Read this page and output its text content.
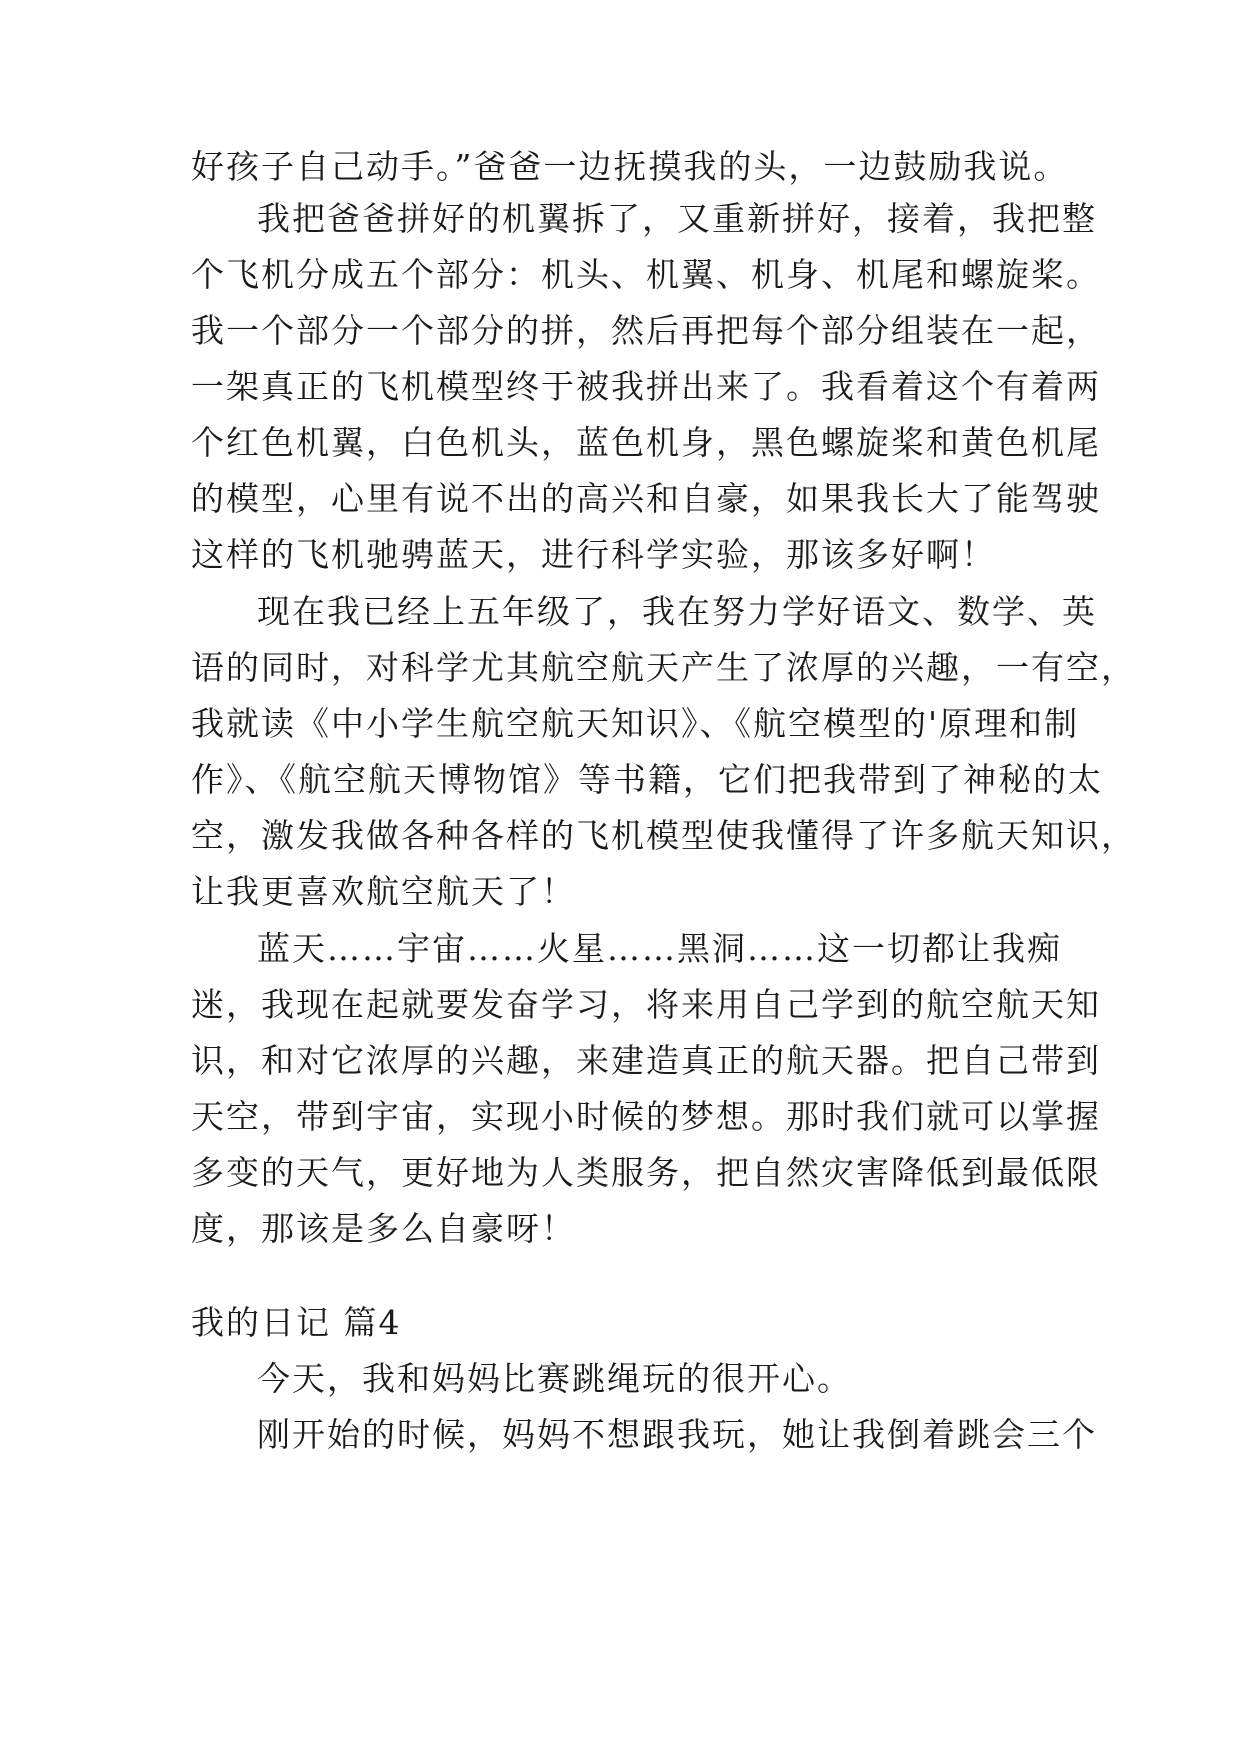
好孩子自己动手。”爸爸一边抚摸我的头，一边鼓励我说。

我把爸爸拼好的机翼拆了，又重新拼好，接着，我把整

个飞机分成五个部分：机头、机翼、机身、机尾和螺旋桨。

我一个部分一个部分的拼，然后再把每个部分组装在一起，

一架真正的飞机模型终于被我拼出来了。我看着这个有着两

个红色机翼，白色机头，蓝色机身，黑色螺旋桨和黄色机尾

的模型，心里有说不出的高兴和自豪，如果我长大了能驾驶

这样的飞机驰骋蓝天，进行科学实验，那该多好啊！

现在我已经上五年级了，我在努力学好语文、数学、英

语的同时，对科学尤其航空航天产生了浓厚的兴趣，一有空，

我就读《中小学生航空航天知识》、《航空模型的'原理和制

作》、《航空航天博物馆》等书籍，它们把我带到了神秘的太

空，激发我做各种各样的飞机模型使我懂得了许多航天知识，

让我更喜欢航空航天了！

蓝天……宇宙……火星……黑洞……这一切都让我痴

迷，我现在起就要发奋学习，将来用自己学到的航空航天知

识，和对它浓厚的兴趣，来建造真正的航天器。把自己带到

天空，带到宇宙，实现小时候的梦想。那时我们就可以掌握

多变的天气，更好地为人类服务，把自然灾害降低到最低限

度，那该是多么自豪呀！

我的日记 篇4

今天，我和妈妈比赛跳绳玩的很开心。

刚开始的时候，妈妈不想跟我玩，她让我倒着跳会三个
